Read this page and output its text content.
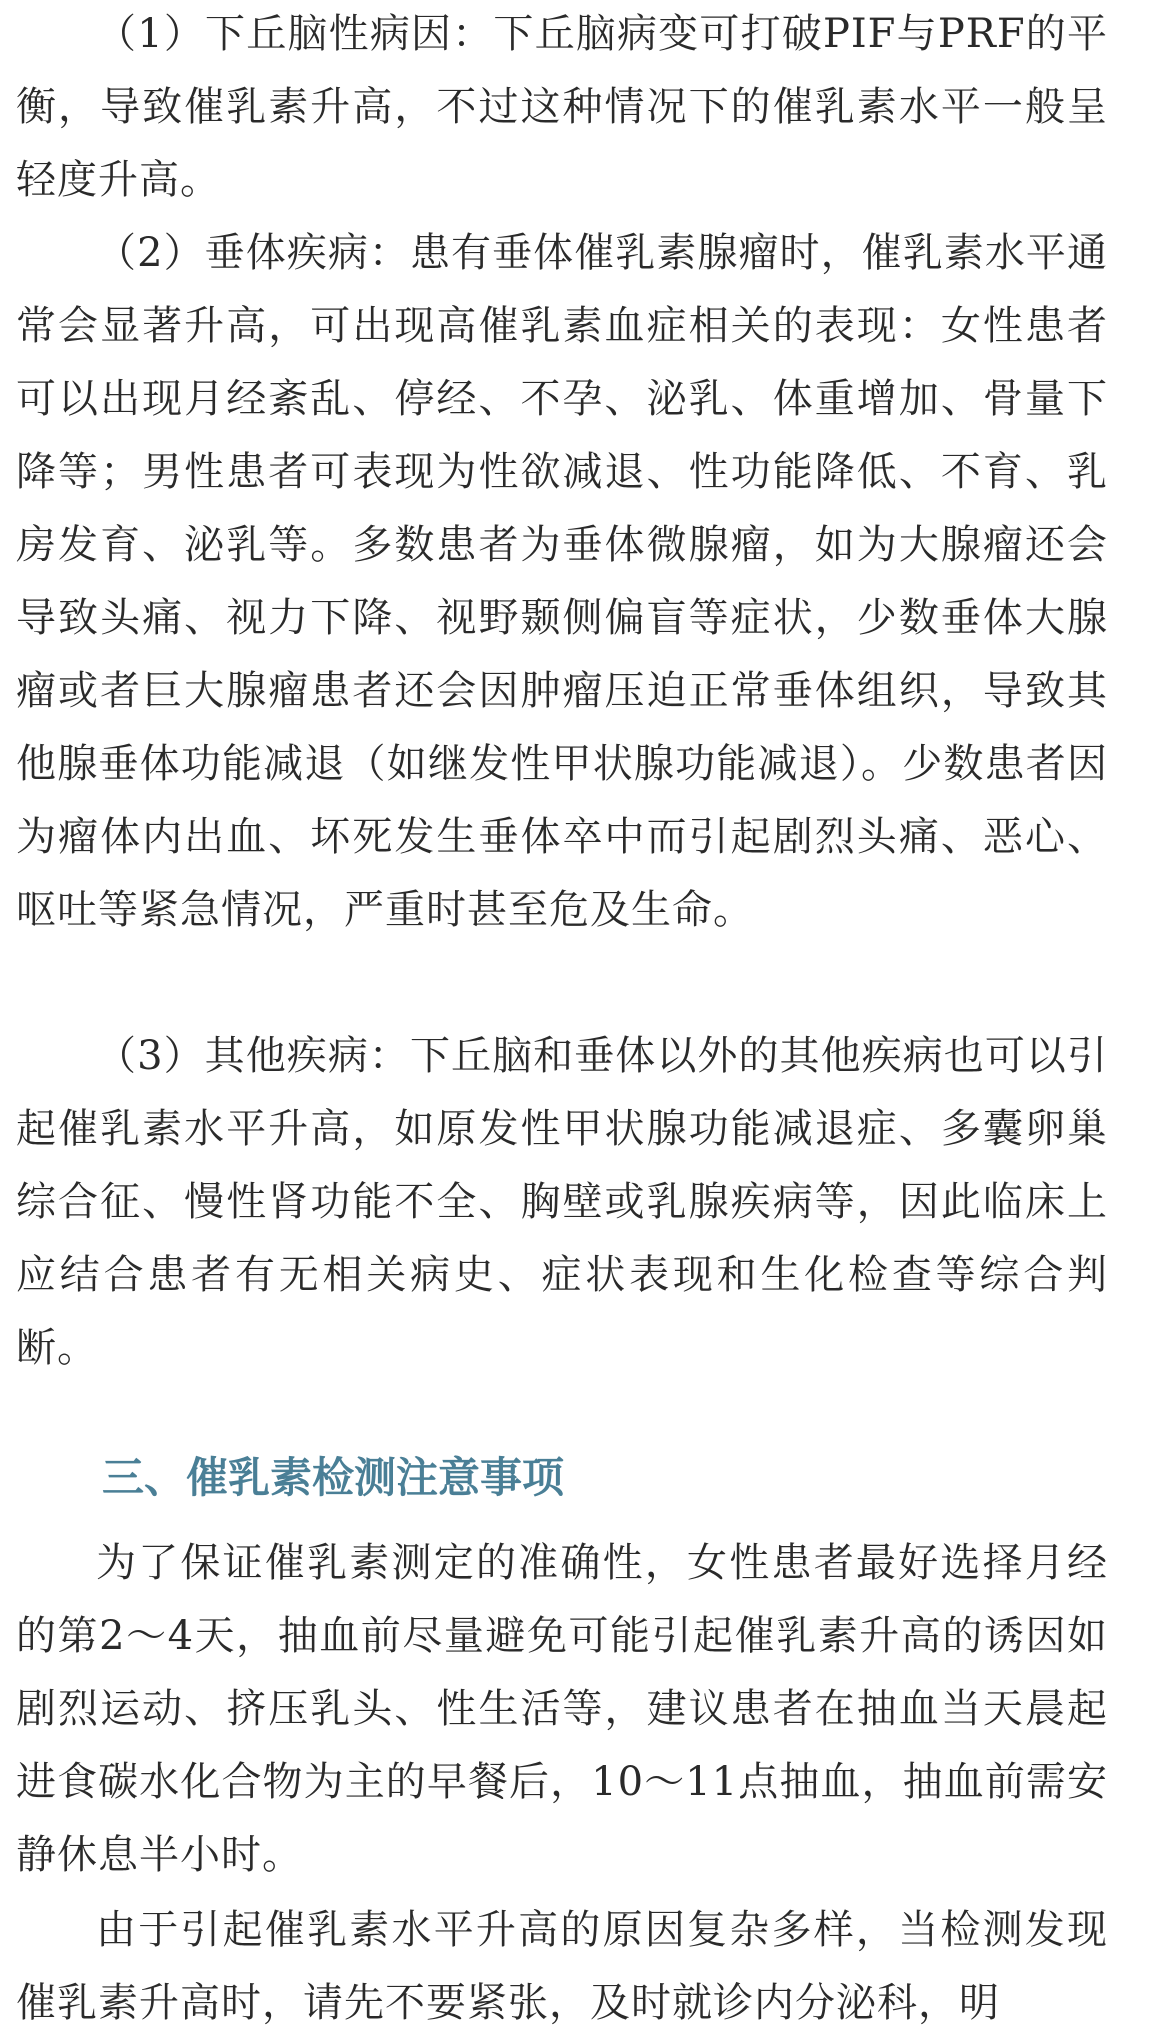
（1）下丘脑性病因：下丘脑病变可打破PIF与PRF的平衡，导致催乳素升高，不过这种情况下的催乳素水平一般呈轻度升高。

（2）垂体疾病：患有垂体催乳素腺瘤时，催乳素水平通常会显著升高，可出现高催乳素血症相关的表现：女性患者可以出现月经紊乱、停经、不孕、泌乳、体重增加、骨量下降等；男性患者可表现为性欲减退、性功能降低、不育、乳房发育、泌乳等。多数患者为垂体微腺瘤，如为大腺瘤还会导致头痛、视力下降、视野颞侧偏盲等症状，少数垂体大腺瘤或者巨大腺瘤患者还会因肿瘤压迫正常垂体组织，导致其他腺垂体功能减退（如继发性甲状腺功能减退）。少数患者因为瘤体内出血、坏死发生垂体卒中而引起剧烈头痛、恶心、呕吐等紧急情况，严重时甚至危及生命。

（3）其他疾病：下丘脑和垂体以外的其他疾病也可以引起催乳素水平升高，如原发性甲状腺功能减退症、多囊卵巢综合征、慢性肾功能不全、胸壁或乳腺疾病等，因此临床上应结合患者有无相关病史、症状表现和生化检查等综合判断。

三、催乳素检测注意事项

为了保证催乳素测定的准确性，女性患者最好选择月经的第2～4天，抽血前尽量避免可能引起催乳素升高的诱因如剧烈运动、挤压乳头、性生活等，建议患者在抽血当天晨起进食碳水化合物为主的早餐后，10～11点抽血，抽血前需安静休息半小时。

由于引起催乳素水平升高的原因复杂多样，当检测发现催乳素升高时，请先不要紧张，及时就诊内分泌科，明
